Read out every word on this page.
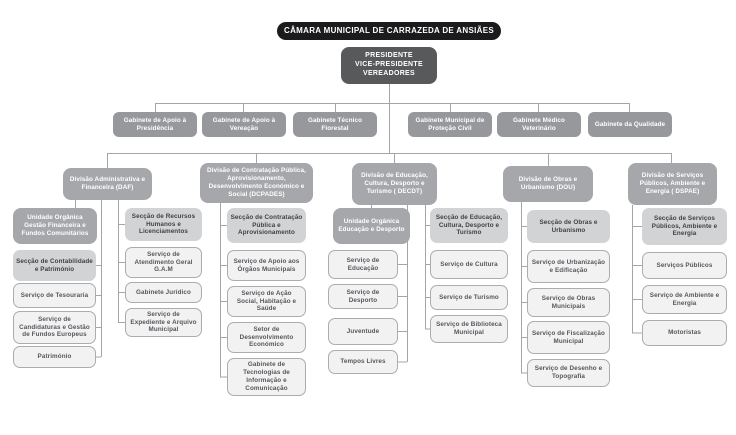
CÂMARA MUNICIPAL DE CARRAZEDA DE ANSIÃES
PRESIDENTE
VICE-PRESIDENTE
VEREADORES
Gabinete de Apoio à Presidência
Gabinete de Apoio à Vereação
Gabinete Técnico Florestal
Gabinete Municipal de Proteção Civil
Gabinete Médico Veterinário
Gabinete da Qualidade
Divisão Administrativa e Financeira (DAF)
Divisão de Contratação Pública, Aprovisionamento, Desenvolvimento Económico e Social (DCPADES)
Divisão de Educação, Cultura, Desporto e Turismo ( DECDT)
Divisão de Obras e Urbanismo (DOU)
Divisão de Serviços Públicos, Ambiente e Energia ( DSPAE)
Unidade Orgânica Gestão Financeira e Fundos Comunitários
Secção de Contabilidade e Património
Serviço de Tesouraria
Serviço de Candidaturas e Gestão de Fundos Europeus
Património
Secção de Recursos Humanos e Licenciamentos
Serviço de Atendimento Geral G.A.M
Gabinete Jurídico
Serviço de Expediente e Arquivo Municipal
Secção de Contratação Pública e Aprovisionamento
Serviço de Apoio aos Órgãos Municipais
Serviço de Ação Social, Habitação e Saúde
Setor de Desenvolvimento Económico
Gabinete de Tecnologias de Informação e Comunicação
Unidade Orgânica Educação e Desporto
Serviço de Educação
Serviço de Desporto
Juventude
Tempos Livres
Secção de Educação, Cultura, Desporto e Turismo
Serviço de Cultura
Serviço de Turismo
Serviço de Biblioteca Municipal
Secção de Obras e Urbanismo
Serviço de Urbanização e Edificação
Serviço de Obras Municipais
Serviço de Fiscalização Municipal
Serviço de Desenho e Topografia
Secção de Serviços Públicos, Ambiente e Energia
Serviços Públicos
Serviço de Ambiente e Energia
Motoristas
